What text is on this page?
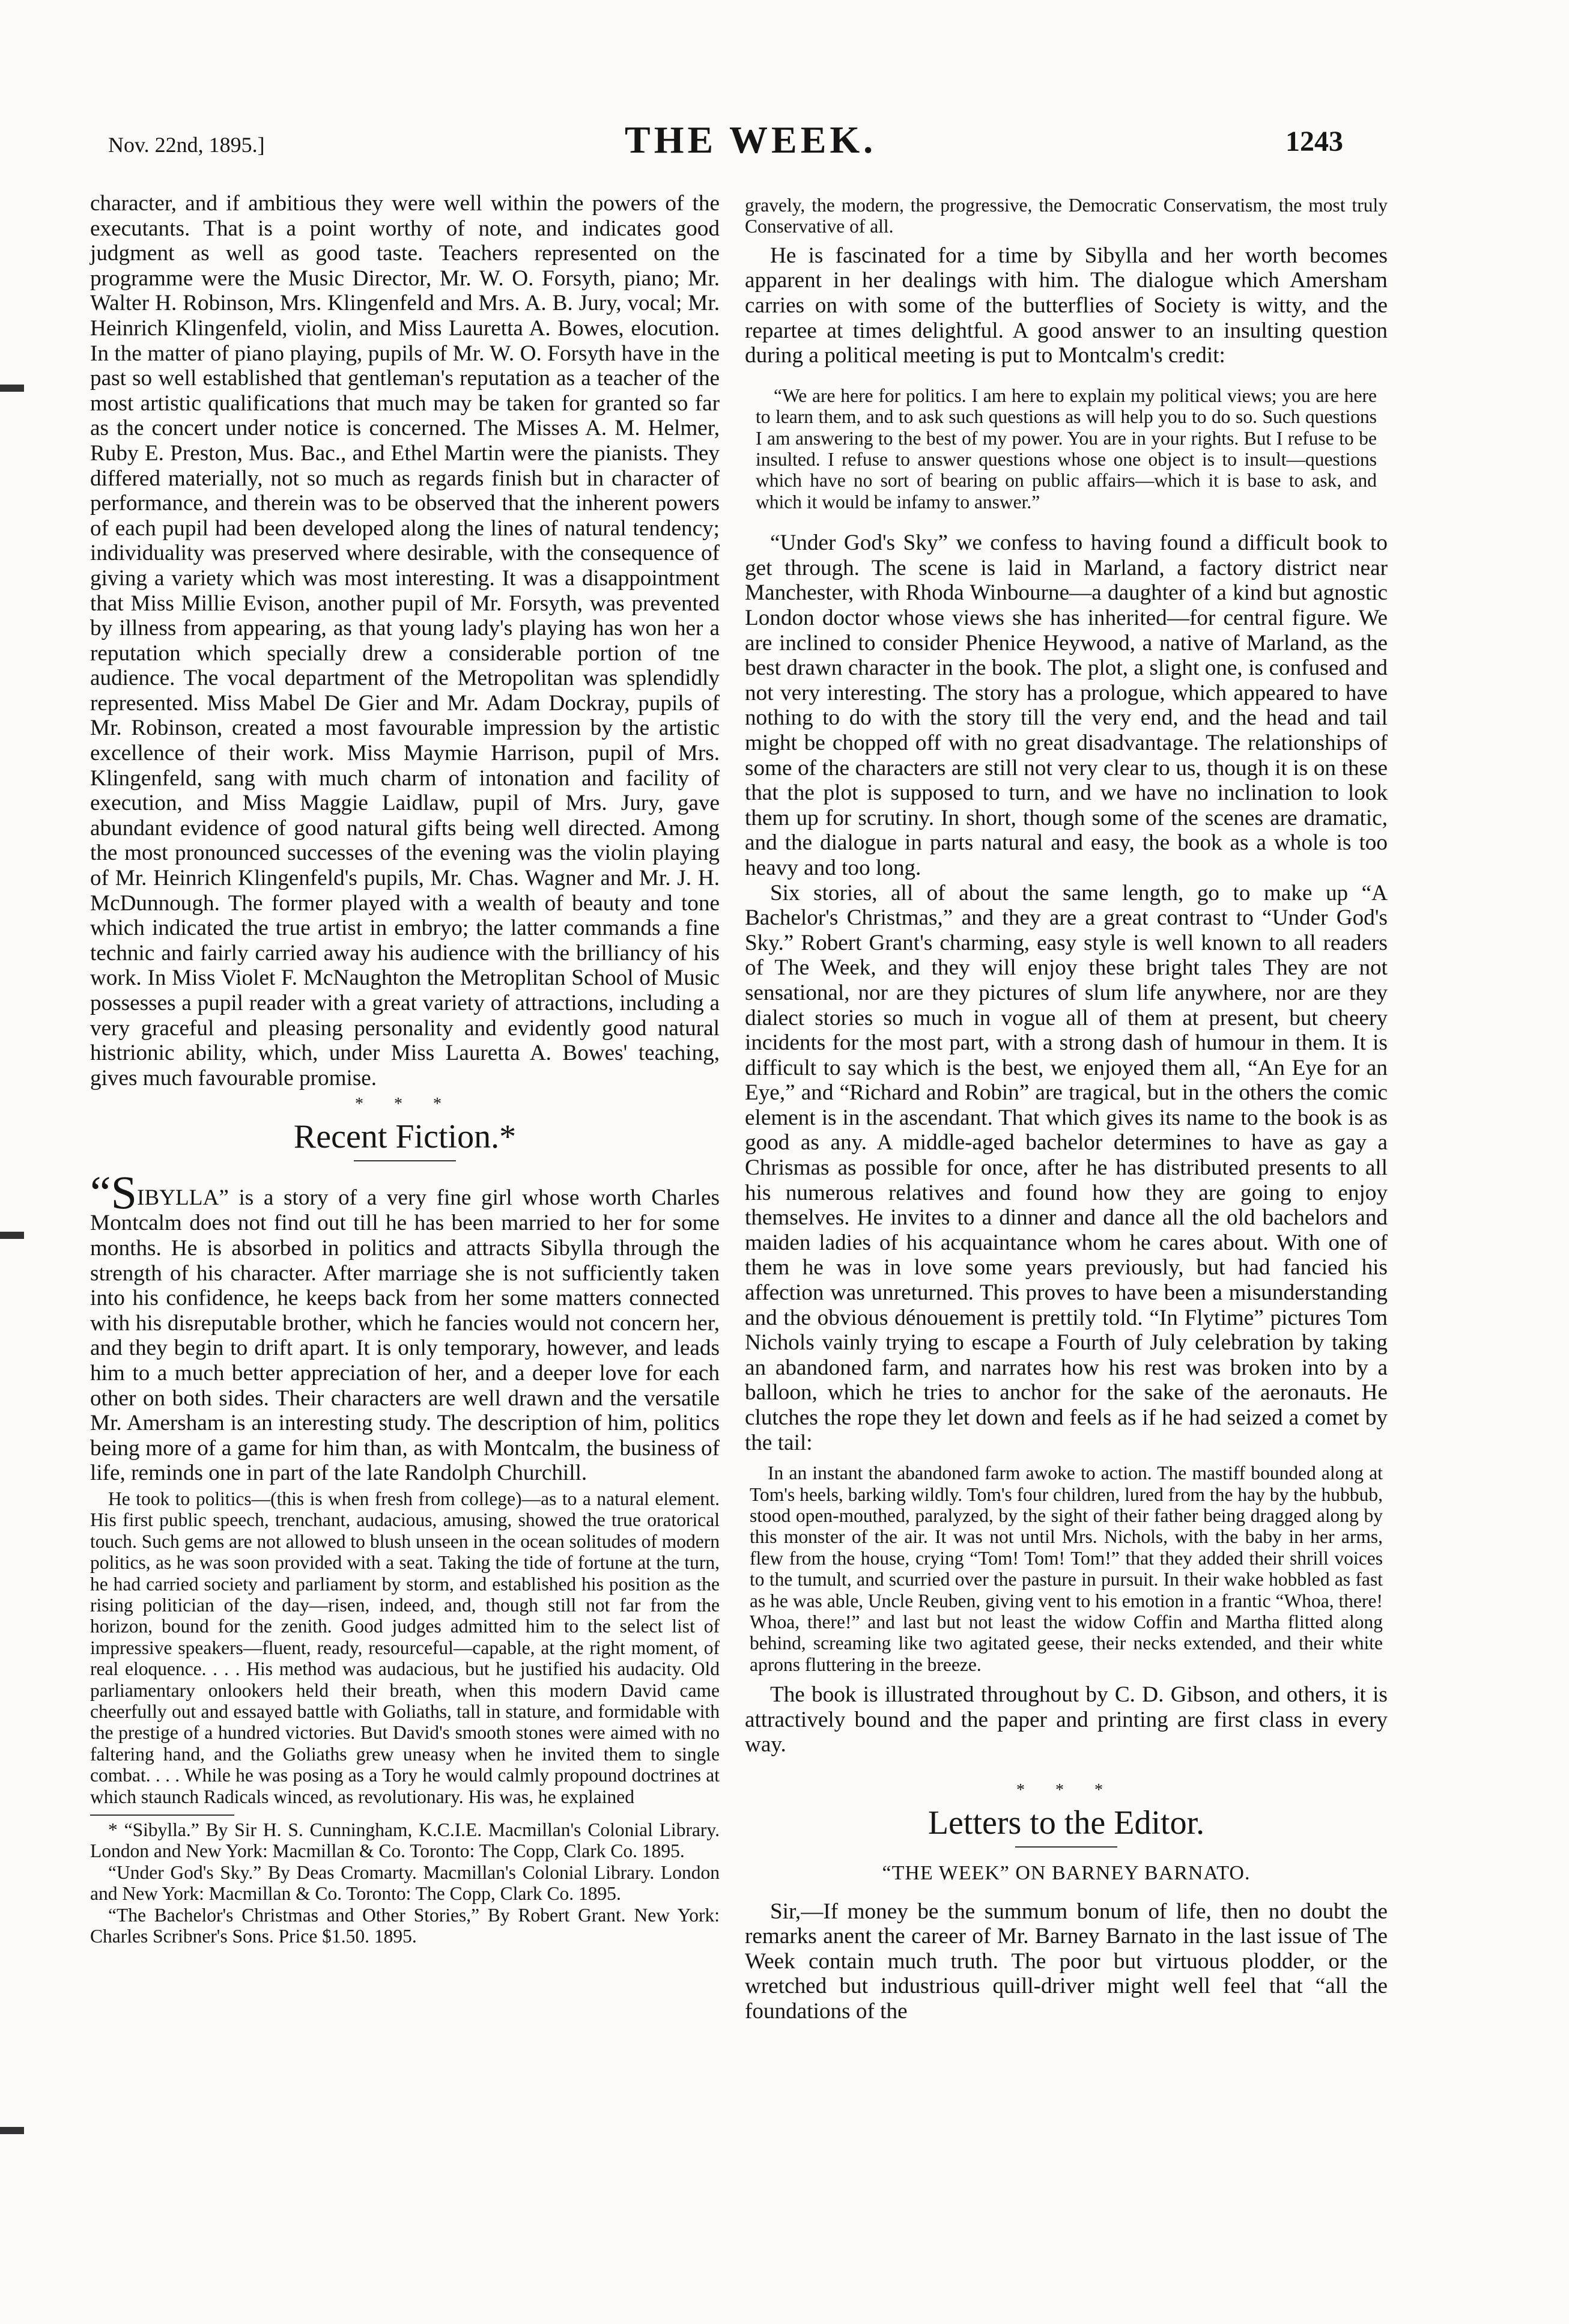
Nov. 22nd, 1895.]	THE WEEK.	1243

character, and if ambitious they were well within the powers of the executants. That is a point worthy of note, and indicates good judgment as well as good taste. Teachers represented on the programme were the Music Director, Mr. W. O. Forsyth, piano; Mr. Walter H. Robinson, Mrs. Klingenfeld and Mrs. A. B. Jury, vocal; Mr. Heinrich Klingenfeld, violin, and Miss Lauretta A. Bowes, elocution. In the matter of piano playing, pupils of Mr. W. O. Forsyth have in the past so well established that gentleman's reputation as a teacher of the most artistic qualifications that much may be taken for granted so far as the concert under notice is concerned. The Misses A. M. Helmer, Ruby E. Preston, Mus. Bac., and Ethel Martin were the pianists. They differed materially, not so much as regards finish but in character of performance, and therein was to be observed that the inherent powers of each pupil had been developed along the lines of natural tendency; individuality was preserved where desirable, with the consequence of giving a variety which was most interesting. It was a disappointment that Miss Millie Evison, another pupil of Mr. Forsyth, was prevented by illness from appearing, as that young lady's playing has won her a reputation which specially drew a considerable portion of tne audience. The vocal department of the Metropolitan was splendidly represented. Miss Mabel De Gier and Mr. Adam Dockray, pupils of Mr. Robinson, created a most favourable impression by the artistic excellence of their work. Miss Maymie Harrison, pupil of Mrs. Klingenfeld, sang with much charm of intonation and facility of execution, and Miss Maggie Laidlaw, pupil of Mrs. Jury, gave abundant evidence of good natural gifts being well directed. Among the most pronounced successes of the evening was the violin playing of Mr. Heinrich Klingenfeld's pupils, Mr. Chas. Wagner and Mr. J. H. McDunnough. The former played with a wealth of beauty and tone which indicated the true artist in embryo; the latter commands a fine technic and fairly carried away his audience with the brilliancy of his work. In Miss Violet F. McNaughton the Metroplitan School of Music possesses a pupil reader with a great variety of attractions, including a very graceful and pleasing personality and evidently good natural histrionic ability, which, under Miss Lauretta A. Bowes' teaching, gives much favourable promise.

* * *
Recent Fiction.*

“SIBYLLA” is a story of a very fine girl whose worth Charles Montcalm does not find out till he has been married to her for some months. He is absorbed in politics and attracts Sibylla through the strength of his character. After marriage she is not sufficiently taken into his confidence, he keeps back from her some matters connected with his disreputable brother, which he fancies would not concern her, and they begin to drift apart. It is only temporary, however, and leads him to a much better appreciation of her, and a deeper love for each other on both sides. Their characters are well drawn and the versatile Mr. Amersham is an interesting study. The description of him, politics being more of a game for him than, as with Montcalm, the business of life, reminds one in part of the late Randolph Churchill.

He took to politics—(this is when fresh from college)—as to a natural element. His first public speech, trenchant, audacious, amusing, showed the true oratorical touch. Such gems are not allowed to blush unseen in the ocean solitudes of modern politics, as he was soon provided with a seat. Taking the tide of fortune at the turn, he had carried society and parliament by storm, and established his position as the rising politician of the day—risen, indeed, and, though still not far from the horizon, bound for the zenith. Good judges admitted him to the select list of impressive speakers—fluent, ready, resourceful—capable, at the right moment, of real eloquence. . . . His method was audacious, but he justified his audacity. Old parliamentary onlookers held their breath, when this modern David came cheerfully out and essayed battle with Goliaths, tall in stature, and formidable with the prestige of a hundred victories. But David's smooth stones were aimed with no faltering hand, and the Goliaths grew uneasy when he invited them to single combat. . . . While he was posing as a Tory he would calmly propound doctrines at which staunch Radicals winced, as revolutionary. His was, he explained

* “Sibylla.” By Sir H. S. Cunningham, K.C.I.E. Macmillan's Colonial Library. London and New York: Macmillan & Co. Toronto: The Copp, Clark Co. 1895.

“Under God's Sky.” By Deas Cromarty. Macmillan's Colonial Library. London and New York: Macmillan & Co. Toronto: The Copp, Clark Co. 1895.

“The Bachelor's Christmas and Other Stories,” By Robert Grant. New York: Charles Scribner's Sons. Price $1.50. 1895.

gravely, the modern, the progressive, the Democratic Conservatism, the most truly Conservative of all.

He is fascinated for a time by Sibylla and her worth becomes apparent in her dealings with him. The dialogue which Amersham carries on with some of the butterflies of Society is witty, and the repartee at times delightful. A good answer to an insulting question during a political meeting is put to Montcalm's credit:

“We are here for politics. I am here to explain my political views; you are here to learn them, and to ask such questions as will help you to do so. Such questions I am answering to the best of my power. You are in your rights. But I refuse to be insulted. I refuse to answer questions whose one object is to insult—questions which have no sort of bearing on public affairs—which it is base to ask, and which it would be infamy to answer.”

“Under God's Sky” we confess to having found a difficult book to get through. The scene is laid in Marland, a factory district near Manchester, with Rhoda Winbourne—a daughter of a kind but agnostic London doctor whose views she has inherited—for central figure. We are inclined to consider Phenice Heywood, a native of Marland, as the best drawn character in the book. The plot, a slight one, is confused and not very interesting. The story has a prologue, which appeared to have nothing to do with the story till the very end, and the head and tail might be chopped off with no great disadvantage. The relationships of some of the characters are still not very clear to us, though it is on these that the plot is supposed to turn, and we have no inclination to look them up for scrutiny. In short, though some of the scenes are dramatic, and the dialogue in parts natural and easy, the book as a whole is too heavy and too long.

Six stories, all of about the same length, go to make up “A Bachelor's Christmas,” and they are a great contrast to “Under God's Sky.” Robert Grant's charming, easy style is well known to all readers of The Week, and they will enjoy these bright tales They are not sensational, nor are they pictures of slum life anywhere, nor are they dialect stories so much in vogue all of them at present, but cheery incidents for the most part, with a strong dash of humour in them. It is difficult to say which is the best, we enjoyed them all, “An Eye for an Eye,” and “Richard and Robin” are tragical, but in the others the comic element is in the ascendant. That which gives its name to the book is as good as any. A middle-aged bachelor determines to have as gay a Chrismas as possible for once, after he has distributed presents to all his numerous relatives and found how they are going to enjoy themselves. He invites to a dinner and dance all the old bachelors and maiden ladies of his acquaintance whom he cares about. With one of them he was in love some years previously, but had fancied his affection was unreturned. This proves to have been a misunderstanding and the obvious dénouement is prettily told. “In Flytime” pictures Tom Nichols vainly trying to escape a Fourth of July celebration by taking an abandoned farm, and narrates how his rest was broken into by a balloon, which he tries to anchor for the sake of the aeronauts. He clutches the rope they let down and feels as if he had seized a comet by the tail:

In an instant the abandoned farm awoke to action. The mastiff bounded along at Tom's heels, barking wildly. Tom's four children, lured from the hay by the hubbub, stood open-mouthed, paralyzed, by the sight of their father being dragged along by this monster of the air. It was not until Mrs. Nichols, with the baby in her arms, flew from the house, crying “Tom! Tom! Tom!” that they added their shrill voices to the tumult, and scurried over the pasture in pursuit. In their wake hobbled as fast as he was able, Uncle Reuben, giving vent to his emotion in a frantic “Whoa, there! Whoa, there!” and last but not least the widow Coffin and Martha flitted along behind, screaming like two agitated geese, their necks extended, and their white aprons fluttering in the breeze.

The book is illustrated throughout by C. D. Gibson, and others, it is attractively bound and the paper and printing are first class in every way.

* * *
Letters to the Editor.
“THE WEEK” ON BARNEY BARNATO.

Sir,—If money be the summum bonum of life, then no doubt the remarks anent the career of Mr. Barney Barnato in the last issue of The Week contain much truth. The poor but virtuous plodder, or the wretched but industrious quill-driver might well feel that “all the foundations of the
